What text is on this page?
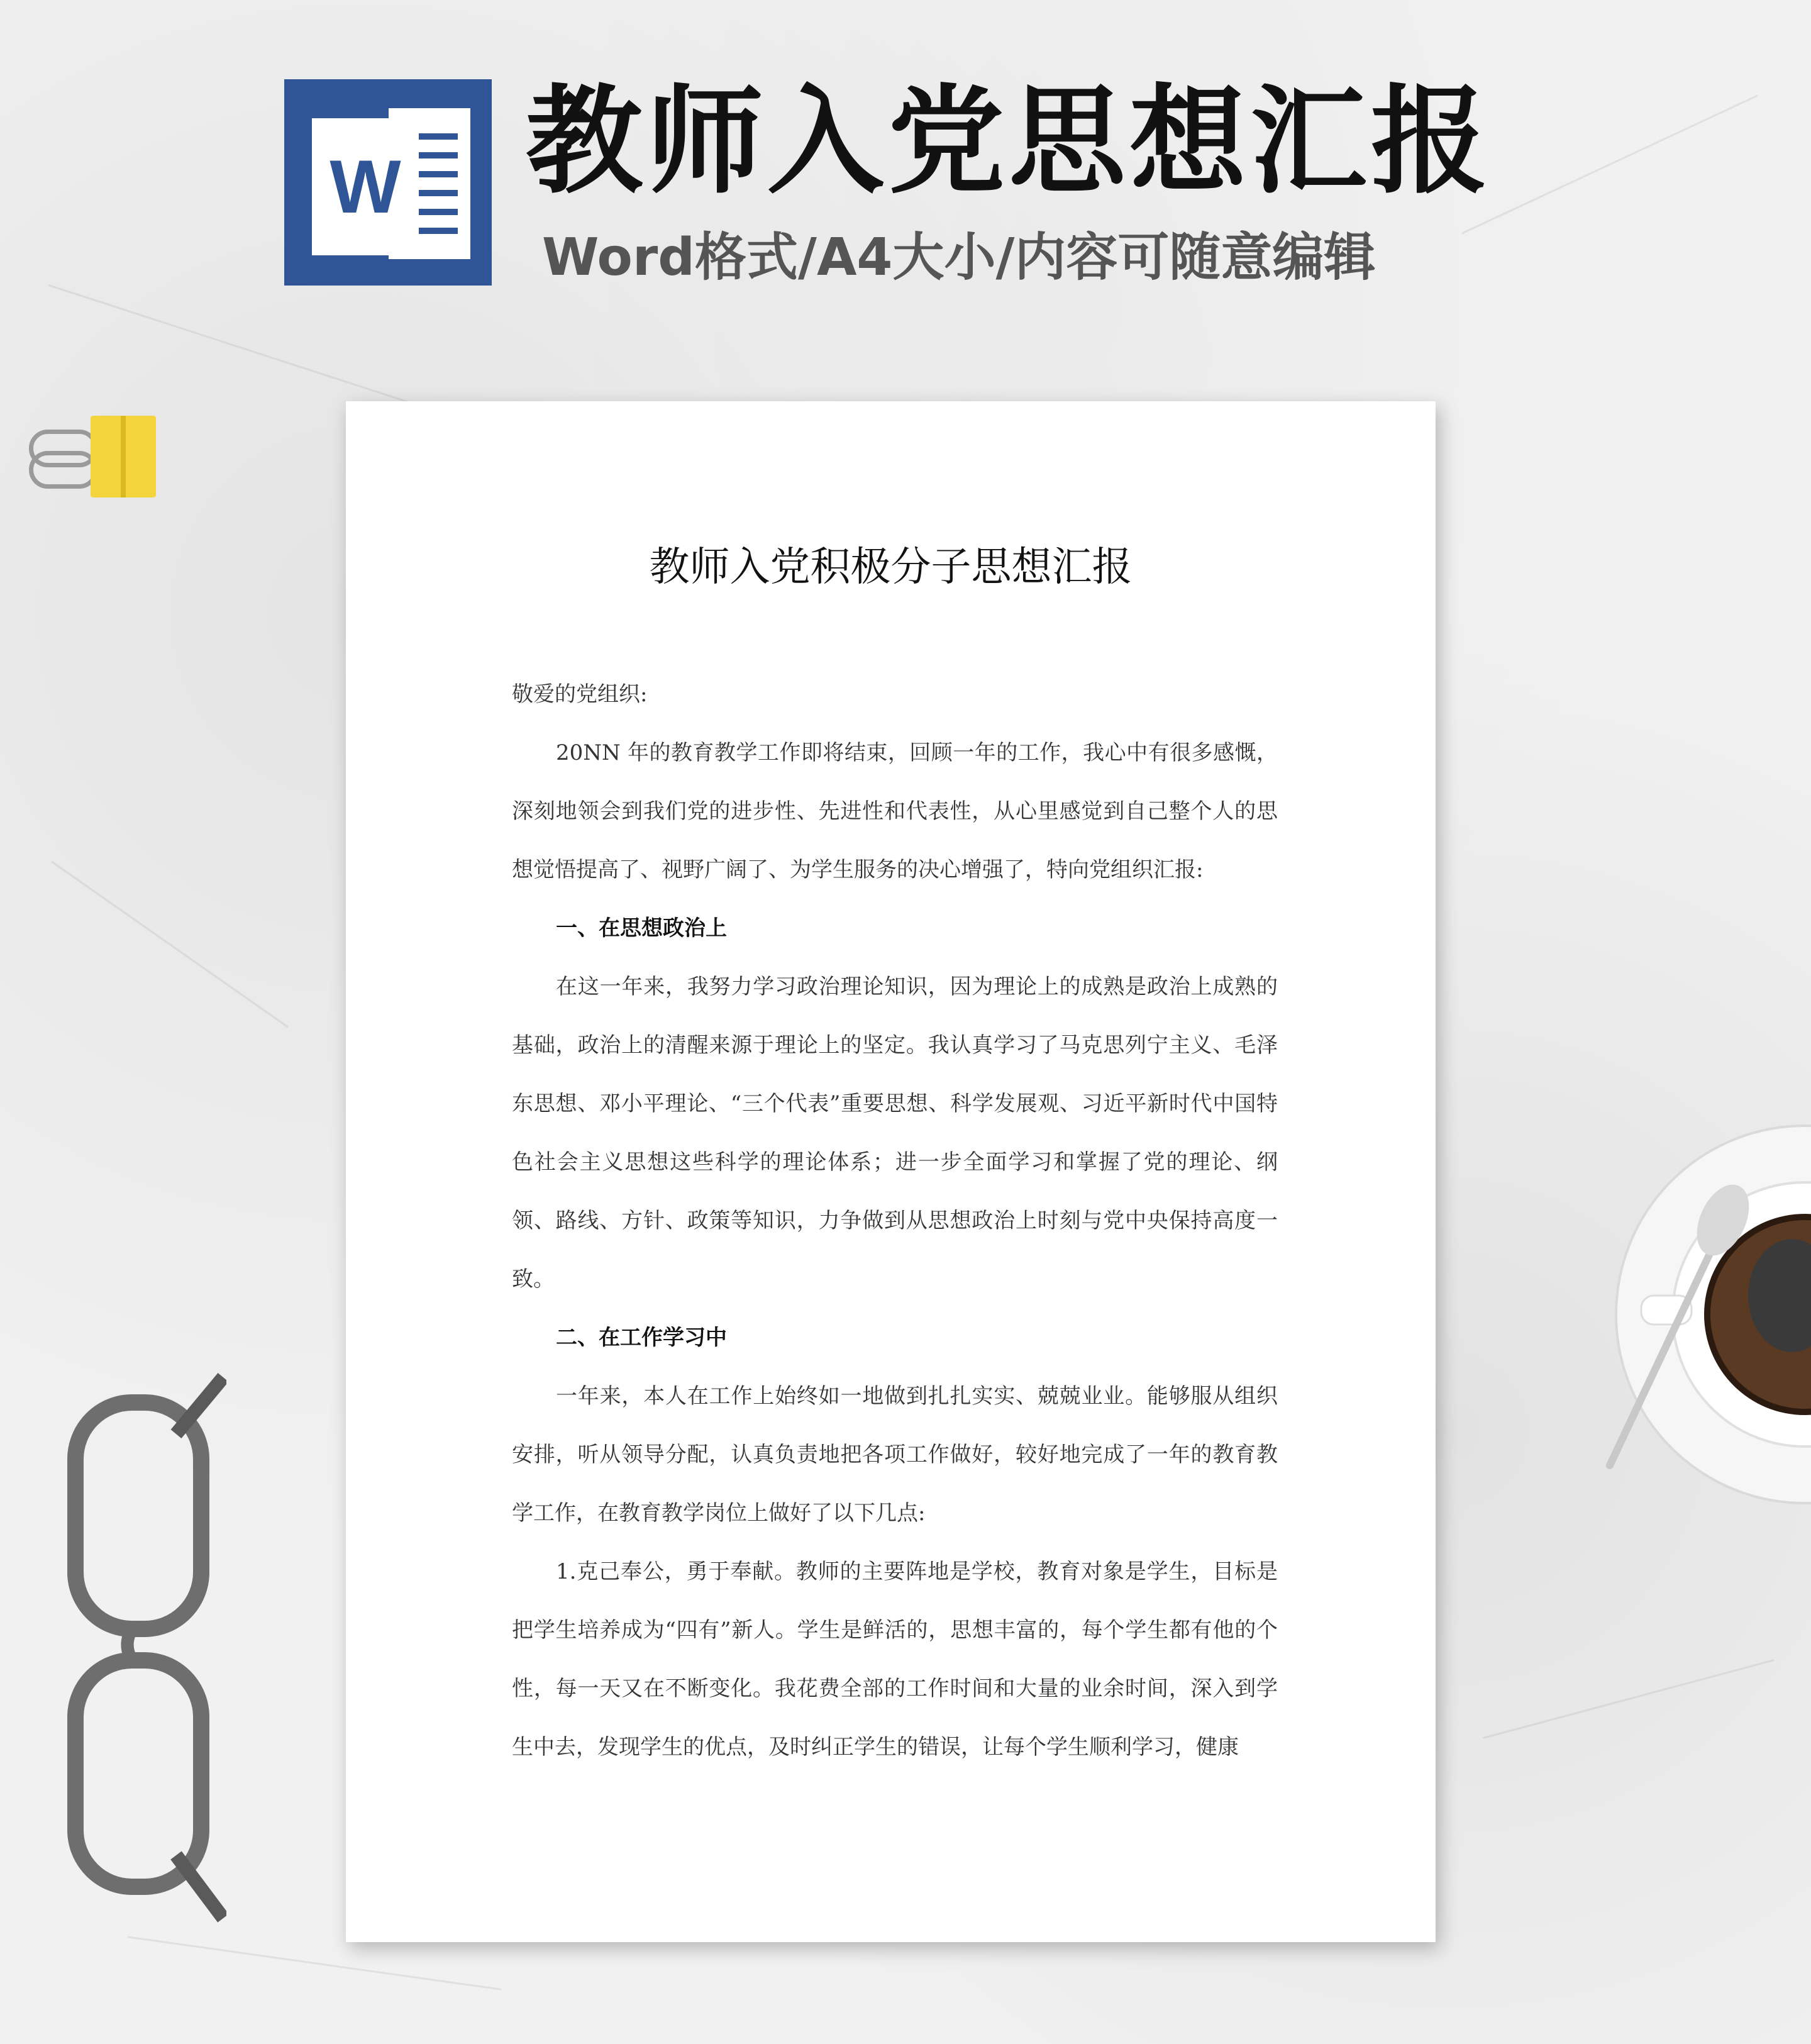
W 教师入党思想汇报

Word格式/A4大小/内容可随意编辑

教师入党积极分子思想汇报

敬爱的党组织:

20NN 年的教育教学工作即将结束，回顾一年的工作，我心中有很多感慨，深刻地领会到我们党的进步性、先进性和代表性，从心里感觉到自己整个人的思想觉悟提高了、视野广阔了、为学生服务的决心增强了，特向党组织汇报:

一、在思想政治上

在这一年来，我努力学习政治理论知识，因为理论上的成熟是政治上成熟的基础，政治上的清醒来源于理论上的坚定。我认真学习了马克思列宁主义、毛泽东思想、邓小平理论、“三个代表”重要思想、科学发展观、习近平新时代中国特色社会主义思想这些科学的理论体系；进一步全面学习和掌握了党的理论、纲领、路线、方针、政策等知识，力争做到从思想政治上时刻与党中央保持高度一致。

二、在工作学习中

一年来，本人在工作上始终如一地做到扎扎实实、兢兢业业。能够服从组织安排，听从领导分配，认真负责地把各项工作做好，较好地完成了一年的教育教学工作，在教育教学岗位上做好了以下几点:

1.克己奉公，勇于奉献。教师的主要阵地是学校，教育对象是学生，目标是把学生培养成为“四有”新人。学生是鲜活的，思想丰富的，每个学生都有他的个性，每一天又在不断变化。我花费全部的工作时间和大量的业余时间，深入到学生中去，发现学生的优点，及时纠正学生的错误，让每个学生顺利学习，健康
